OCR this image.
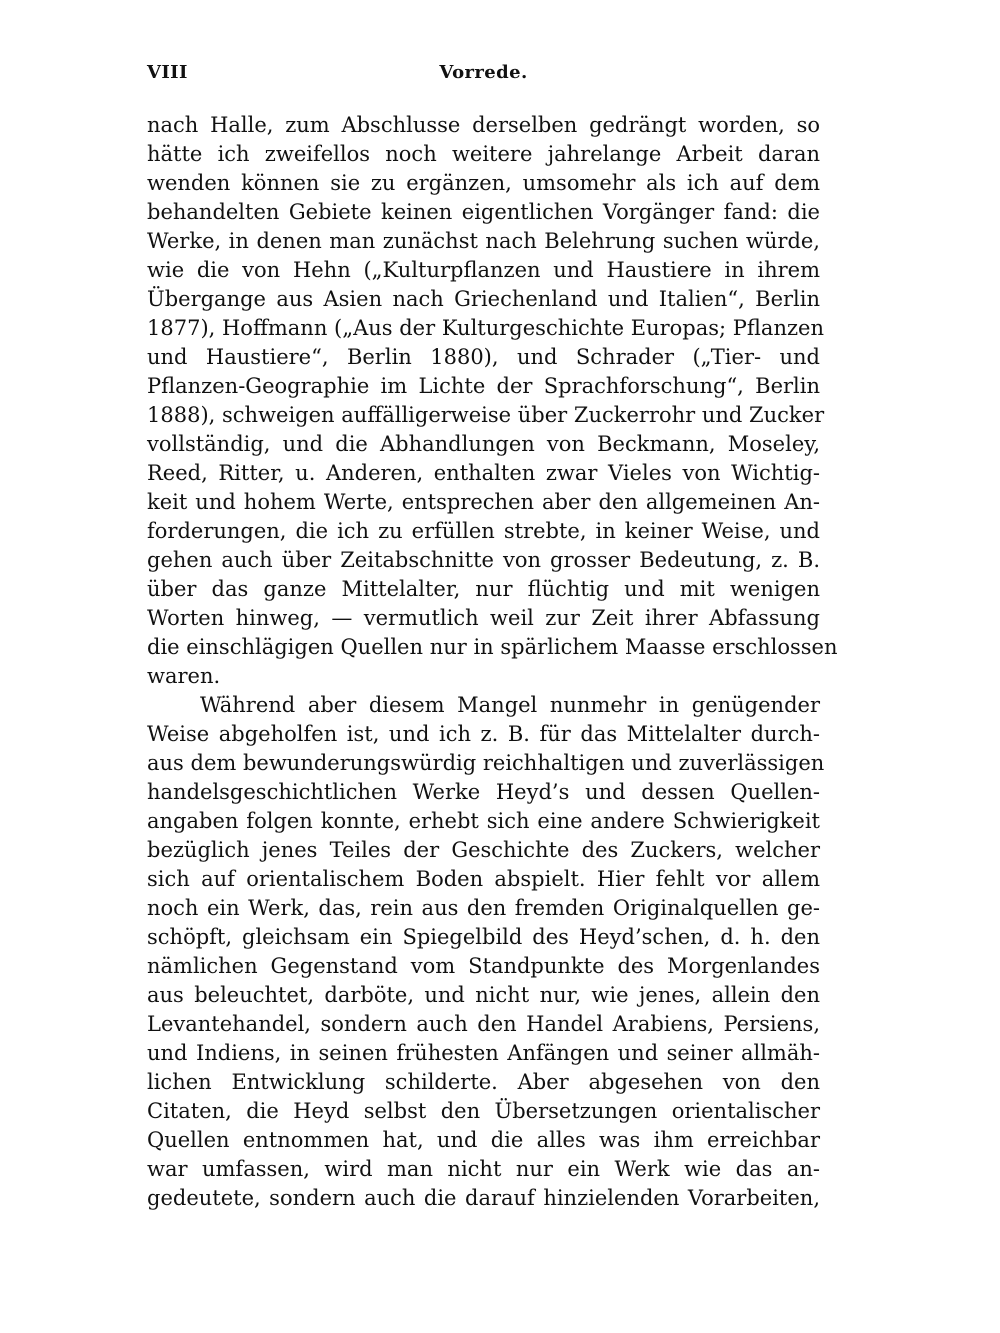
VIII	Vorrede.
nach Halle, zum Abschlusse derselben gedrängt worden, so
hätte ich zweifellos noch weitere jahrelange Arbeit daran
wenden können sie zu ergänzen, umsomehr als ich auf dem
behandelten Gebiete keinen eigentlichen Vorgänger fand: die
Werke, in denen man zunächst nach Belehrung suchen würde,
wie die von Hehn („Kulturpflanzen und Haustiere in ihrem
Übergange aus Asien nach Griechenland und Italien“, Berlin
1877), Hoffmann („Aus der Kulturgeschichte Europas; Pflanzen
und Haustiere“, Berlin 1880), und Schrader („Tier- und
Pflanzen-Geographie im Lichte der Sprachforschung“, Berlin
1888), schweigen auffälligerweise über Zuckerrohr und Zucker
vollständig, und die Abhandlungen von Beckmann, Moseley,
Reed, Ritter, u. Anderen, enthalten zwar Vieles von Wichtig-
keit und hohem Werte, entsprechen aber den allgemeinen An-
forderungen, die ich zu erfüllen strebte, in keiner Weise, und
gehen auch über Zeitabschnitte von grosser Bedeutung, z. B.
über das ganze Mittelalter, nur flüchtig und mit wenigen
Worten hinweg, — vermutlich weil zur Zeit ihrer Abfassung
die einschlägigen Quellen nur in spärlichem Maasse erschlossen
waren.
Während aber diesem Mangel nunmehr in genügender
Weise abgeholfen ist, und ich z. B. für das Mittelalter durch-
aus dem bewunderungswürdig reichhaltigen und zuverlässigen
handelsgeschichtlichen Werke Heyd’s und dessen Quellen-
angaben folgen konnte, erhebt sich eine andere Schwierigkeit
bezüglich jenes Teiles der Geschichte des Zuckers, welcher
sich auf orientalischem Boden abspielt. Hier fehlt vor allem
noch ein Werk, das, rein aus den fremden Originalquellen ge-
schöpft, gleichsam ein Spiegelbild des Heyd’schen, d. h. den
nämlichen Gegenstand vom Standpunkte des Morgenlandes
aus beleuchtet, darböte, und nicht nur, wie jenes, allein den
Levantehandel, sondern auch den Handel Arabiens, Persiens,
und Indiens, in seinen frühesten Anfängen und seiner allmäh-
lichen Entwicklung schilderte. Aber abgesehen von den
Citaten, die Heyd selbst den Übersetzungen orientalischer
Quellen entnommen hat, und die alles was ihm erreichbar
war umfassen, wird man nicht nur ein Werk wie das an-
gedeutete, sondern auch die darauf hinzielenden Vorarbeiten,
